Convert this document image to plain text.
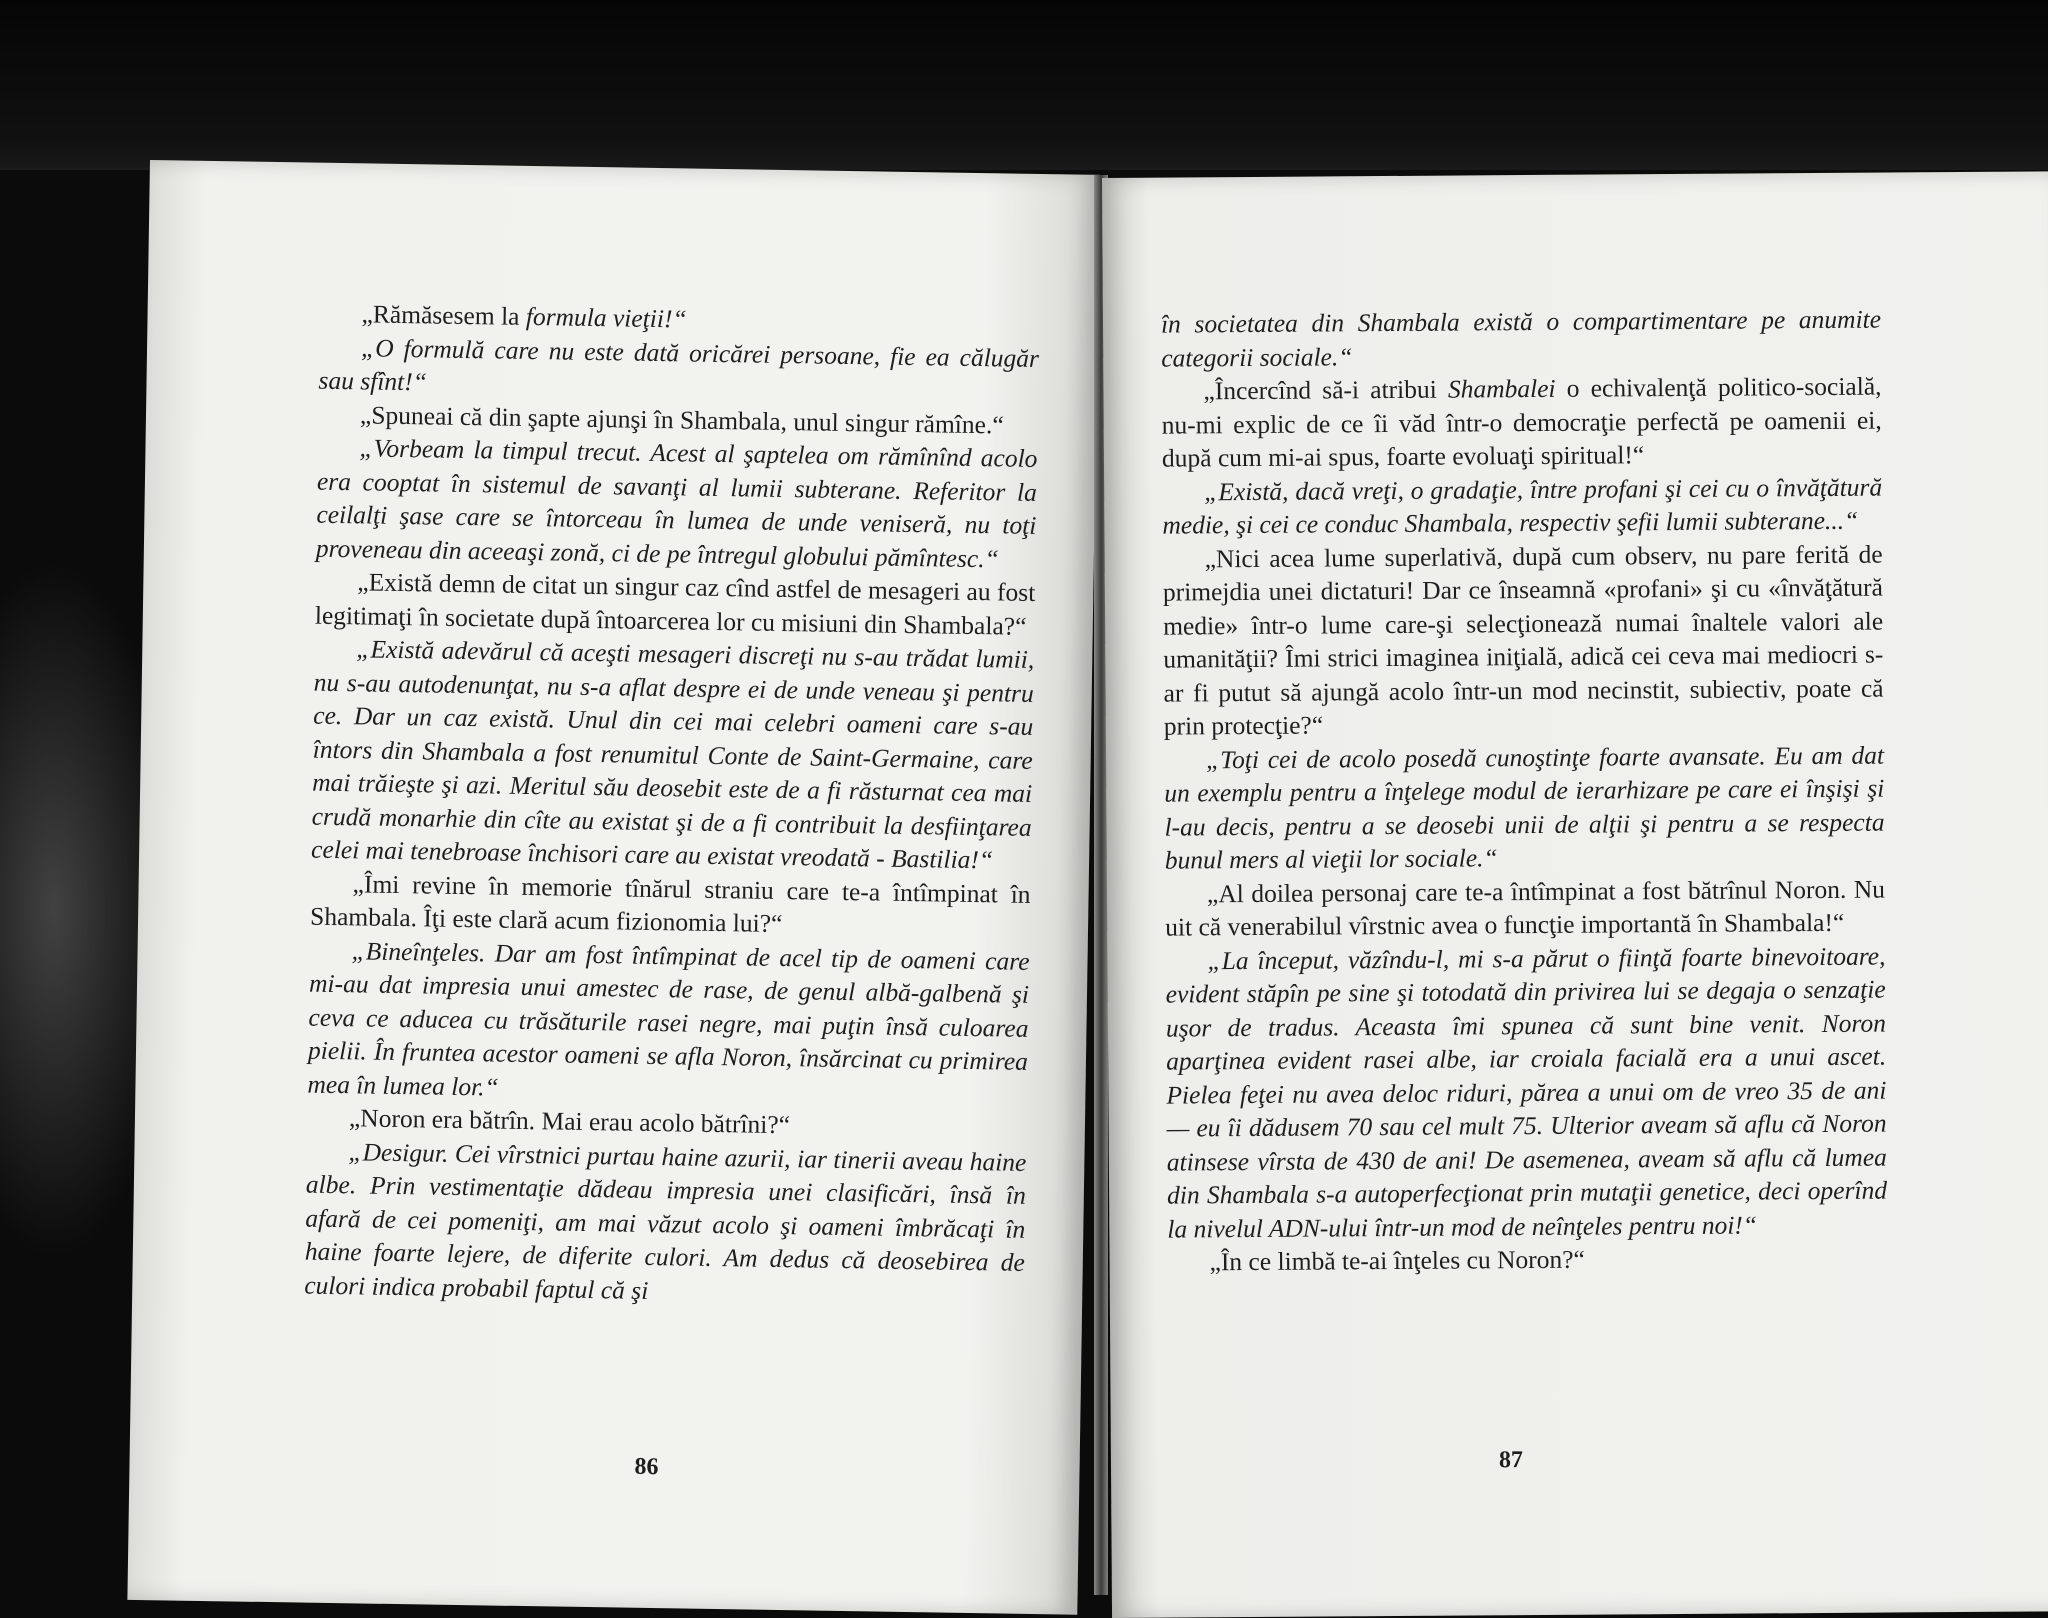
„Rămăsesem la formula vieţii!“

„O formulă care nu este dată oricărei persoane, fie ea călugăr sau sfînt!“

„Spuneai că din şapte ajunşi în Shambala, unul singur rămîne.“

„Vorbeam la timpul trecut. Acest al şaptelea om rămînînd acolo era cooptat în sistemul de savanţi al lumii subterane. Referitor la ceilalţi şase care se întorceau în lumea de unde veniseră, nu toţi proveneau din aceeaşi zonă, ci de pe întregul globului pămîntesc.“

„Există demn de citat un singur caz cînd astfel de mesageri au fost legitimaţi în societate după întoarcerea lor cu misiuni din Shambala?“

„Există adevărul că aceşti mesageri discreţi nu s-au trădat lumii, nu s-au autodenunţat, nu s-a aflat despre ei de unde veneau şi pentru ce. Dar un caz există. Unul din cei mai celebri oameni care s-au întors din Shambala a fost renumitul Conte de Saint-Germaine, care mai trăieşte şi azi. Meritul său deosebit este de a fi răsturnat cea mai crudă monarhie din cîte au existat şi de a fi contribuit la desfiinţarea celei mai tenebroase închisori care au existat vreodată - Bastilia!“

„Îmi revine în memorie tînărul straniu care te-a întîmpinat în Shambala. Îţi este clară acum fizionomia lui?“

„Bineînţeles. Dar am fost întîmpinat de acel tip de oameni care mi-au dat impresia unui amestec de rase, de genul albă-galbenă şi ceva ce aducea cu trăsăturile rasei negre, mai puţin însă culoarea pielii. În fruntea acestor oameni se afla Noron, însărcinat cu primirea mea în lumea lor.“

„Noron era bătrîn. Mai erau acolo bătrîni?“

„Desigur. Cei vîrstnici purtau haine azurii, iar tinerii aveau haine albe. Prin vestimentaţie dădeau impresia unei clasificări, însă în afară de cei pomeniţi, am mai văzut acolo şi oameni îmbrăcaţi în haine foarte lejere, de diferite culori. Am dedus că deosebirea de culori indica probabil faptul că şi

86

în societatea din Shambala există o compartimentare pe anumite categorii sociale.“

„Încercînd să-i atribui Shambalei o echivalenţă politico-socială, nu-mi explic de ce îi văd într-o democraţie perfectă pe oamenii ei, după cum mi-ai spus, foarte evoluaţi spiritual!“

„Există, dacă vreţi, o gradaţie, între profani şi cei cu o învăţătură medie, şi cei ce conduc Shambala, respectiv şefii lumii subterane...“

„Nici acea lume superlativă, după cum observ, nu pare ferită de primejdia unei dictaturi! Dar ce înseamnă «profani» şi cu «învăţătură medie» într-o lume care-şi selecţionează numai înaltele valori ale umanităţii? Îmi strici imaginea iniţială, adică cei ceva mai mediocri s-ar fi putut să ajungă acolo într-un mod necinstit, subiectiv, poate că prin protecţie?“

„Toţi cei de acolo posedă cunoştinţe foarte avansate. Eu am dat un exemplu pentru a înţelege modul de ierarhizare pe care ei înşişi şi l-au decis, pentru a se deosebi unii de alţii şi pentru a se respecta bunul mers al vieţii lor sociale.“

„Al doilea personaj care te-a întîmpinat a fost bătrînul Noron. Nu uit că venerabilul vîrstnic avea o funcţie importantă în Shambala!“

„La început, văzîndu-l, mi s-a părut o fiinţă foarte binevoitoare, evident stăpîn pe sine şi totodată din privirea lui se degaja o senzaţie uşor de tradus. Aceasta îmi spunea că sunt bine venit. Noron aparţinea evident rasei albe, iar croiala facială era a unui ascet. Pielea feţei nu avea deloc riduri, părea a unui om de vreo 35 de ani — eu îi dădusem 70 sau cel mult 75. Ulterior aveam să aflu că Noron atinsese vîrsta de 430 de ani! De asemenea, aveam să aflu că lumea din Shambala s-a autoperfecţionat prin mutaţii genetice, deci operînd la nivelul ADN-ului într-un mod de neînţeles pentru noi!“

„În ce limbă te-ai înţeles cu Noron?“

87
